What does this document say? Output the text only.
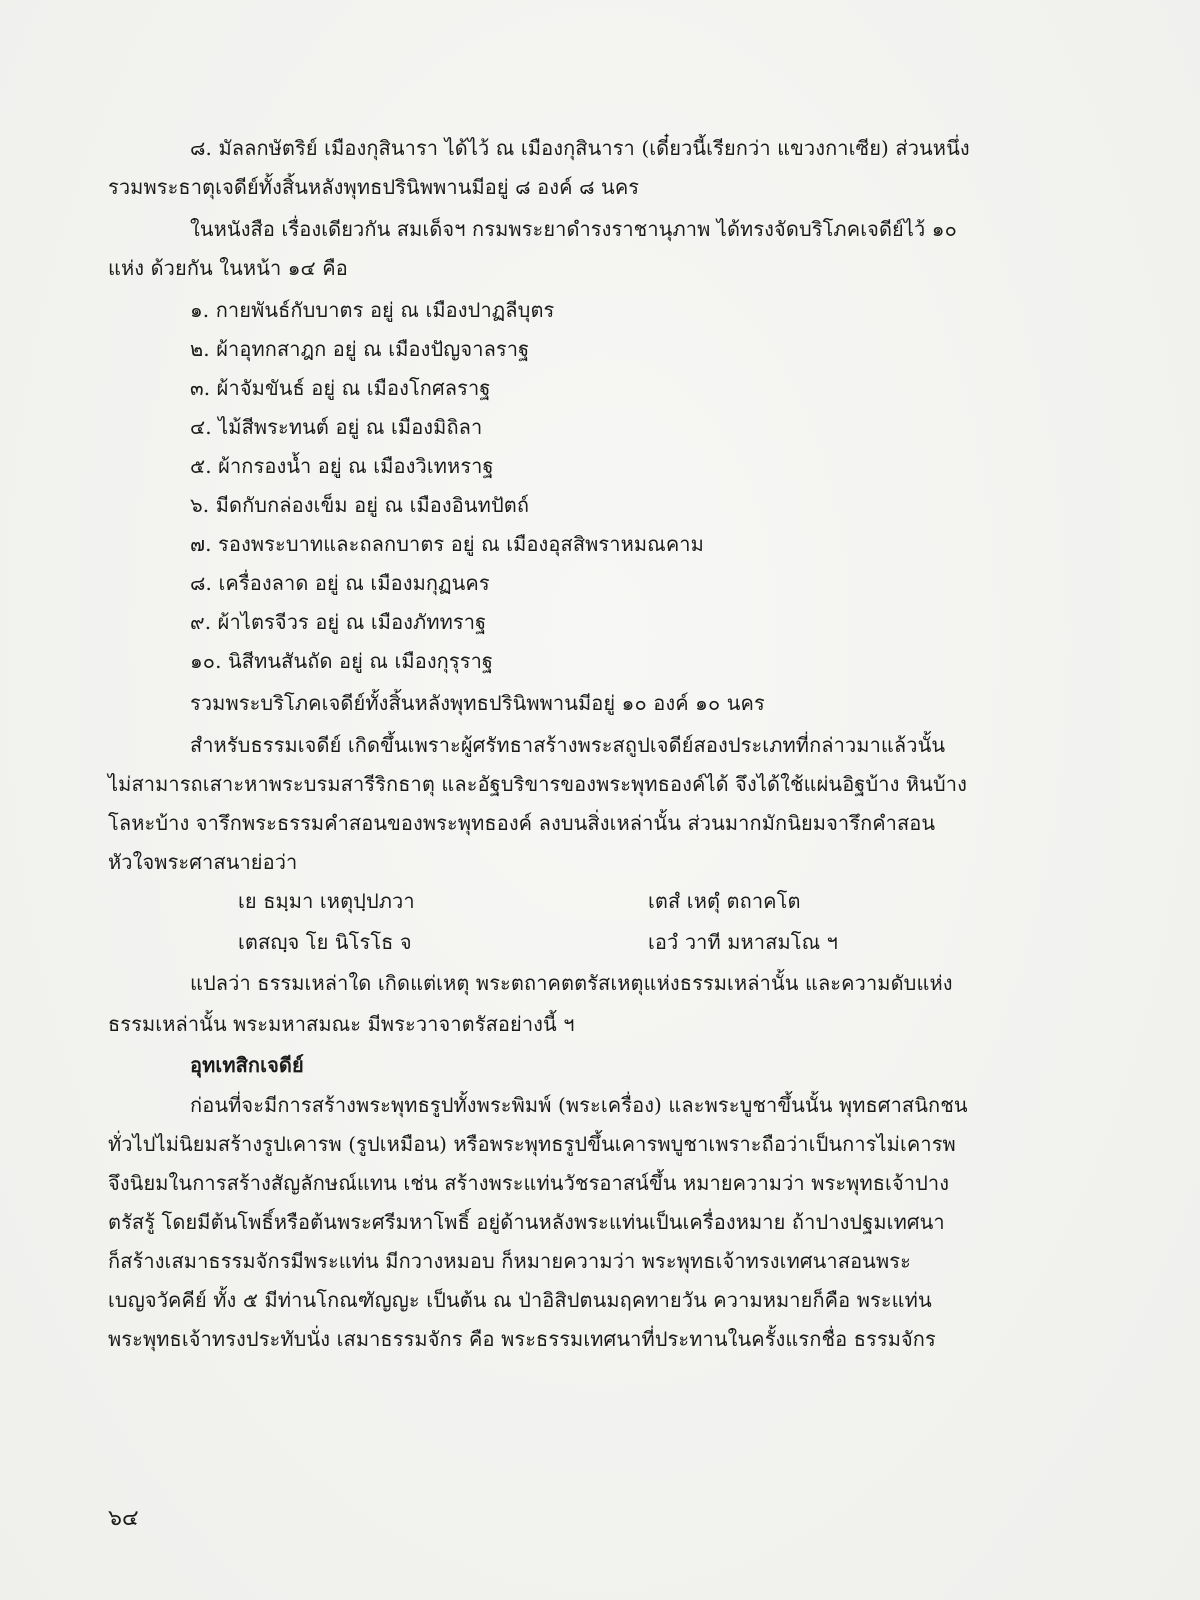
๘. มัลลกษัตริย์ เมืองกุสินารา ได้ไว้ ณ เมืองกุสินารา (เดี๋ยวนี้เรียกว่า แขวงกาเซีย) ส่วนหนึ่ง
รวมพระธาตุเจดีย์ทั้งสิ้นหลังพุทธปรินิพพานมีอยู่ ๘ องค์ ๘ นคร
ในหนังสือ เรื่องเดียวกัน สมเด็จฯ กรมพระยาดำรงราชานุภาพ ได้ทรงจัดบริโภคเจดีย์ไว้ ๑๐
แห่ง ด้วยกัน ในหน้า ๑๔ คือ
๑. กายพันธ์กับบาตร อยู่ ณ เมืองปาฏลีบุตร
๒. ผ้าอุทกสาฎก อยู่ ณ เมืองปัญจาลราฐ
๓. ผ้าจัมขันธ์ อยู่ ณ เมืองโกศลราฐ
๔. ไม้สีพระทนต์ อยู่ ณ เมืองมิถิลา
๕. ผ้ากรองน้ำ อยู่ ณ เมืองวิเทหราฐ
๖. มีดกับกล่องเข็ม อยู่ ณ เมืองอินทปัตถ์
๗. รองพระบาทและถลกบาตร อยู่ ณ เมืองอุสสิพราหมณคาม
๘. เครื่องลาด อยู่ ณ เมืองมกุฏนคร
๙. ผ้าไตรจีวร อยู่ ณ เมืองภัททราฐ
๑๐. นิสีทนสันถัด อยู่ ณ เมืองกุรุราฐ
รวมพระบริโภคเจดีย์ทั้งสิ้นหลังพุทธปรินิพพานมีอยู่ ๑๐ องค์ ๑๐ นคร
สำหรับธรรมเจดีย์ เกิดขึ้นเพราะผู้ศรัทธาสร้างพระสถูปเจดีย์สองประเภทที่กล่าวมาแล้วนั้น
ไม่สามารถเสาะหาพระบรมสารีริกธาตุ และอัฐบริขารของพระพุทธองค์ได้ จึงได้ใช้แผ่นอิฐบ้าง หินบ้าง
โลหะบ้าง จารึกพระธรรมคำสอนของพระพุทธองค์ ลงบนสิ่งเหล่านั้น ส่วนมากมักนิยมจารึกคำสอน
หัวใจพระศาสนาย่อว่า
เย ธมฺมา เหตุปฺปภวา	เตสํ เหตุํ ตถาคโต
เตสญฺจ โย นิโรโธ จ	เอวํ วาที มหาสมโณ ฯ
แปลว่า ธรรมเหล่าใด เกิดแต่เหตุ พระตถาคตตรัสเหตุแห่งธรรมเหล่านั้น และความดับแห่ง
ธรรมเหล่านั้น พระมหาสมณะ มีพระวาจาตรัสอย่างนี้ ฯ
อุทเทสิกเจดีย์
ก่อนที่จะมีการสร้างพระพุทธรูปทั้งพระพิมพ์ (พระเครื่อง) และพระบูชาขึ้นนั้น พุทธศาสนิกชน
ทั่วไปไม่นิยมสร้างรูปเคารพ (รูปเหมือน) หรือพระพุทธรูปขึ้นเคารพบูชาเพราะถือว่าเป็นการไม่เคารพ
จึงนิยมในการสร้างสัญลักษณ์แทน เช่น สร้างพระแท่นวัชรอาสน์ขึ้น หมายความว่า พระพุทธเจ้าปาง
ตรัสรู้ โดยมีต้นโพธิ์หรือต้นพระศรีมหาโพธิ์ อยู่ด้านหลังพระแท่นเป็นเครื่องหมาย ถ้าปางปฐมเทศนา
ก็สร้างเสมาธรรมจักรมีพระแท่น มีกวางหมอบ ก็หมายความว่า พระพุทธเจ้าทรงเทศนาสอนพระ
เบญจวัคคีย์ ทั้ง ๕ มีท่านโกณฑัญญะ เป็นต้น ณ ป่าอิสิปตนมฤคทายวัน ความหมายก็คือ พระแท่น
พระพุทธเจ้าทรงประทับนั่ง เสมาธรรมจักร คือ พระธรรมเทศนาที่ประทานในครั้งแรกชื่อ ธรรมจักร
๖๔
